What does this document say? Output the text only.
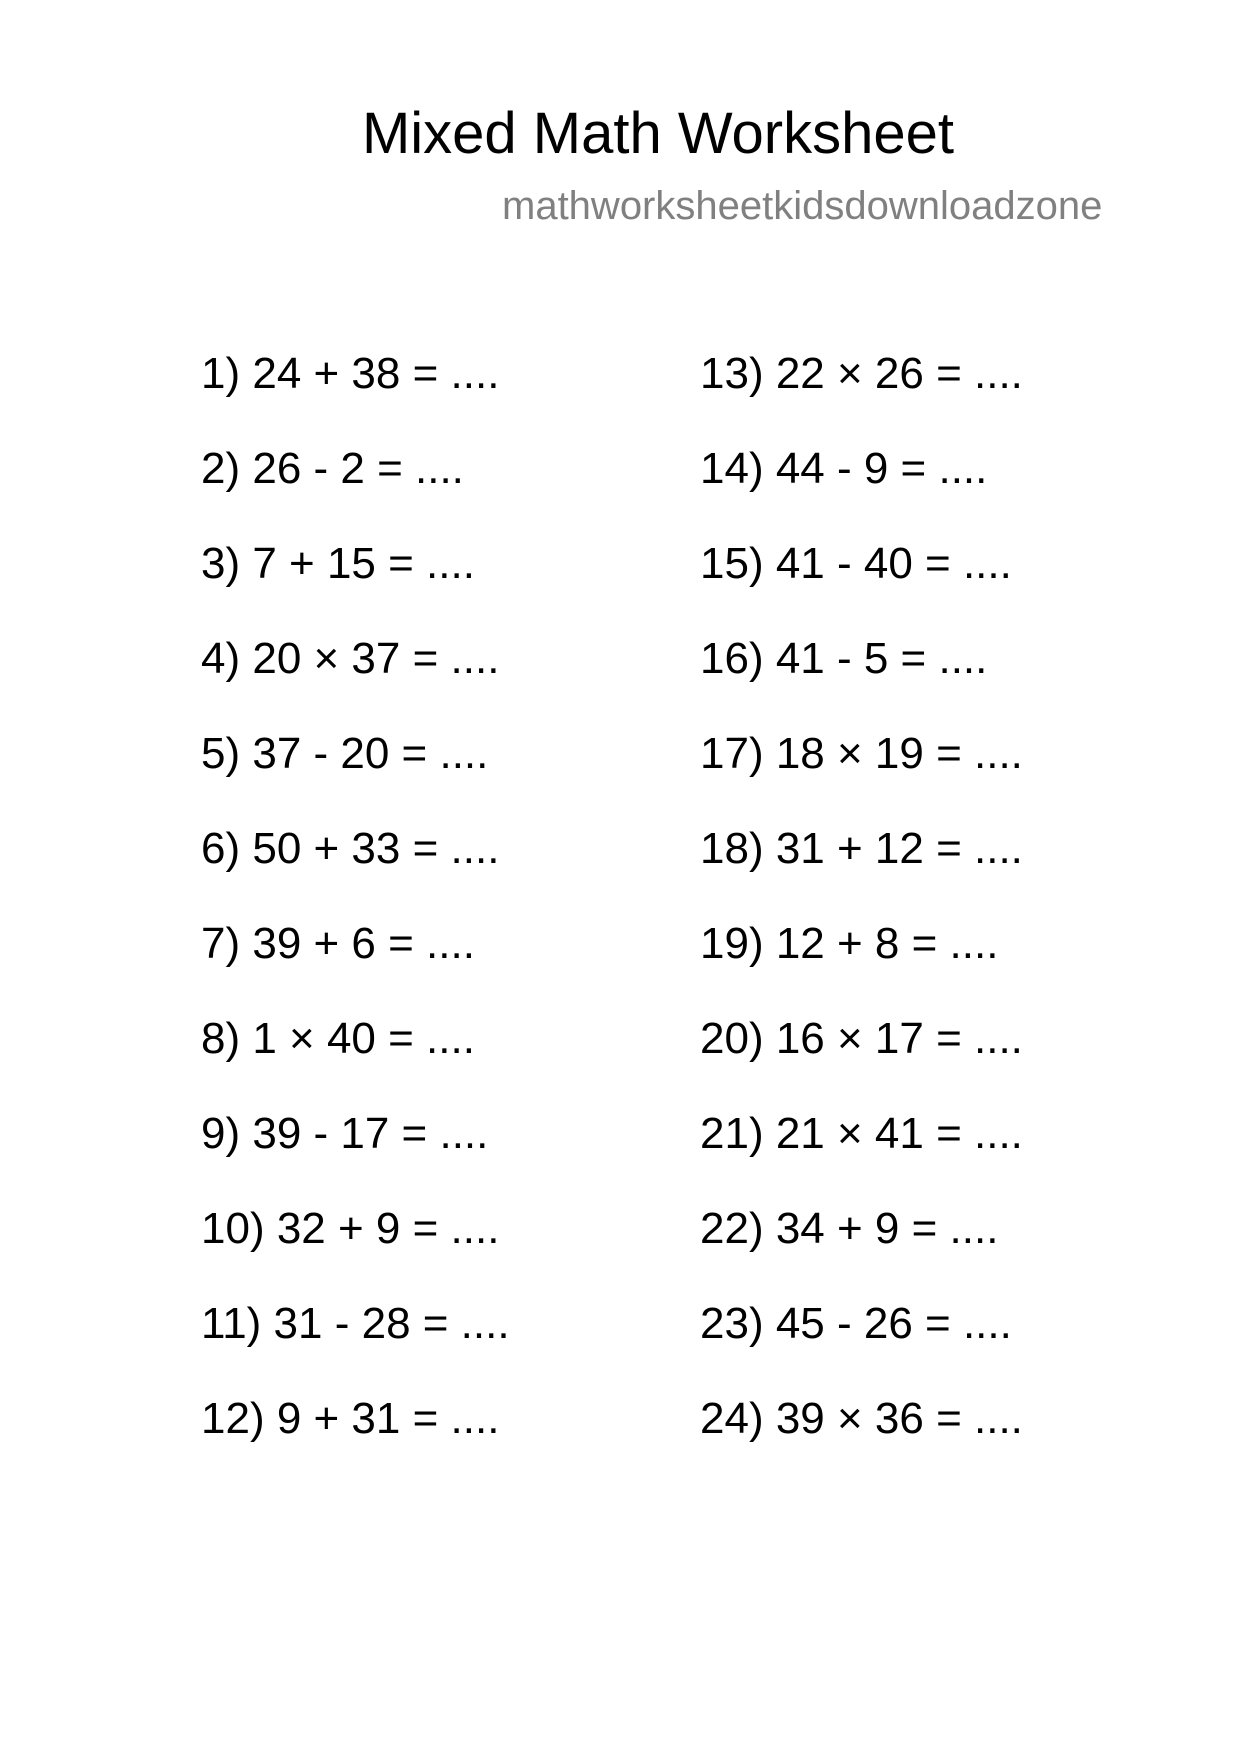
Mixed Math Worksheet

mathworksheetkidsdownloadzone

1) 24 + 38 = ....
2) 26 - 2 = ....
3) 7 + 15 = ....
4) 20 × 37 = ....
5) 37 - 20 = ....
6) 50 + 33 = ....
7) 39 + 6 = ....
8) 1 × 40 = ....
9) 39 - 17 = ....
10) 32 + 9 = ....
11) 31 - 28 = ....
12) 9 + 31 = ....
13) 22 × 26 = ....
14) 44 - 9 = ....
15) 41 - 40 = ....
16) 41 - 5 = ....
17) 18 × 19 = ....
18) 31 + 12 = ....
19) 12 + 8 = ....
20) 16 × 17 = ....
21) 21 × 41 = ....
22) 34 + 9 = ....
23) 45 - 26 = ....
24) 39 × 36 = ....
